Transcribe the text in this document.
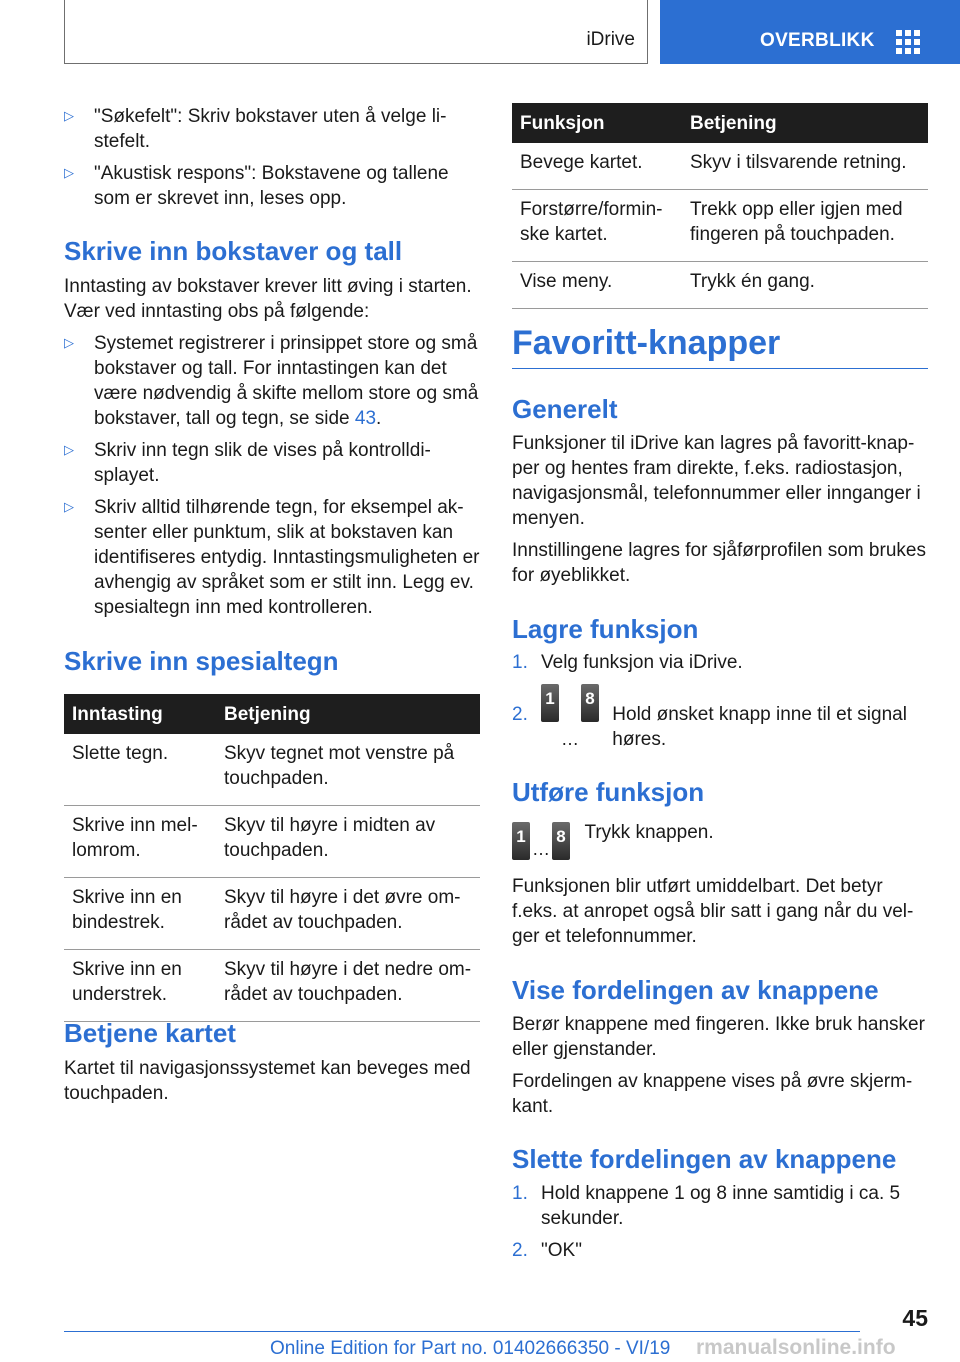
iDrive	OVERBLIKK
▷	"Søkefelt": Skriv bokstaver uten å velge li-stefelt.
▷	"Akustisk respons": Bokstavene og tallene som er skrevet inn, leses opp.
Skrive inn bokstaver og tall

Inntasting av bokstaver krever litt øving i starten. Vær ved inntasting obs på følgende:

▷	Systemet registrerer i prinsippet store og små bokstaver og tall. For inntastingen kan det være nødvendig å skifte mellom store og små bokstaver, tall og tegn, se side 43.
▷	Skriv inn tegn slik de vises på kontrolldi-splayet.
▷	Skriv alltid tilhørende tegn, for eksempel ak-senter eller punktum, slik at bokstaven kan identifiseres entydig. Inntastingsmuligheten er avhengig av språket som er stilt inn. Legg ev. spesialtegn inn med kontrolleren.
Skrive inn spesialtegn
Inntasting	Betjening
Slette tegn.	Skyv tegnet mot venstre på touchpaden.
Skrive inn mel-lomrom.	Skyv til høyre i midten av touchpaden.
Skrive inn en bindestrek.	Skyv til høyre i det øvre om-rådet av touchpaden.
Skrive inn en understrek.	Skyv til høyre i det nedre om-rådet av touchpaden.
Betjene kartet

Kartet til navigasjonssystemet kan beveges med touchpaden.

Funksjon	Betjening
Bevege kartet.	Skyv i tilsvarende retning.
Forstørre/formin-ske kartet.	Trekk opp eller igjen med fingeren på touchpaden.
Vise meny.	Trykk én gang.
Favoritt-knapper
Generelt

Funksjoner til iDrive kan lagres på favoritt-knap-per og hentes fram direkte, f.eks. radiostasjon, navigasjonsmål, telefonnummer eller innganger i menyen.

Innstillingene lagres for sjåførprofilen som brukes for øyeblikket.

Lagre funksjon
1. Velg funksjon via iDrive.
2.
1…8 Hold ønsket knapp inne til et signal høres.
Utføre funksjon
1…8 Trykk knappen.

Funksjonen blir utført umiddelbart. Det betyr f.eks. at anropet også blir satt i gang når du vel-ger et telefonnummer.

Vise fordelingen av knappene

Berør knappene med fingeren. Ikke bruk hansker eller gjenstander.

Fordelingen av knappene vises på øvre skjerm-kant.

Slette fordelingen av knappene
1. Hold knappene 1 og 8 inne samtidig i ca. 5 sekunder.
2. "OK"
45
Online Edition for Part no. 01402666350 - VI/19 rmanualsonline.info
